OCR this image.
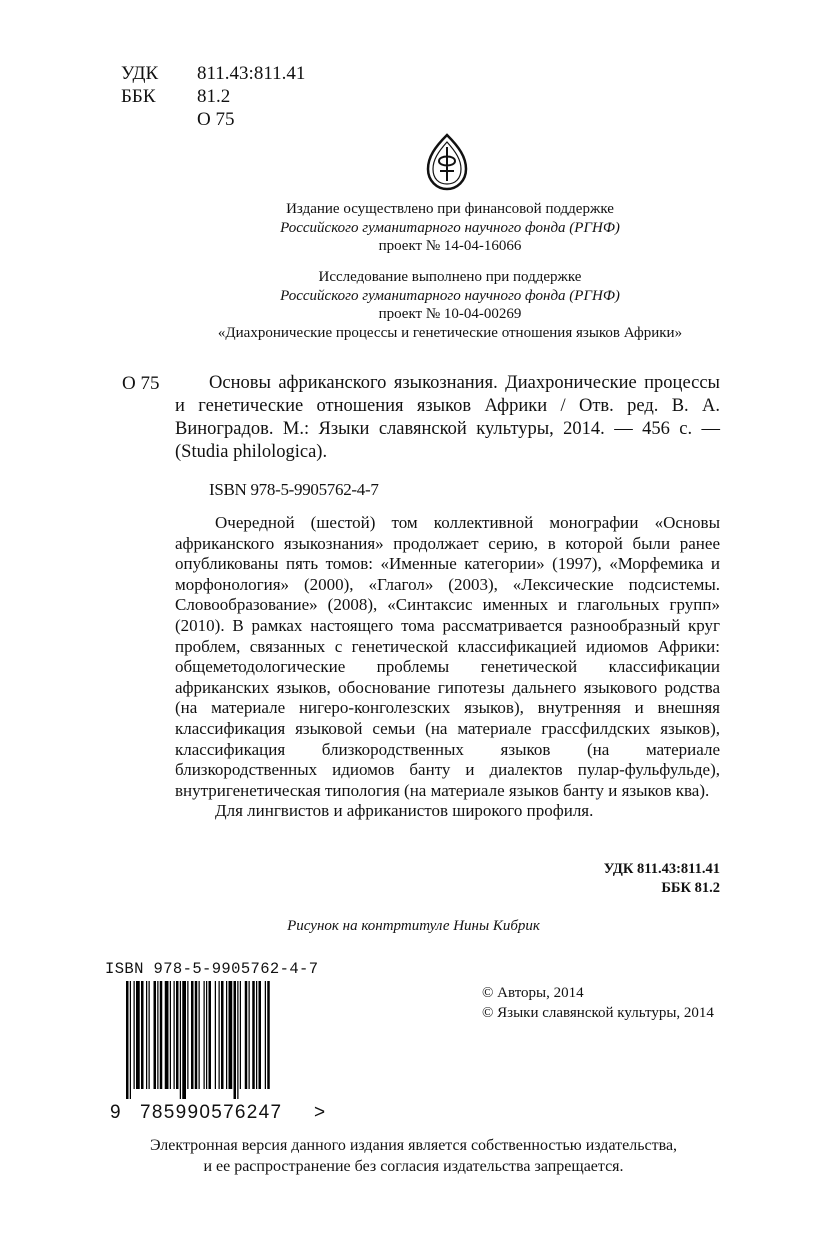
УДК	811.43:811.41
ББК	81.2
О 75
Издание осуществлено при финансовой поддержке
Российского гуманитарного научного фонда (РГНФ)
проект № 14-04-16066
Исследование выполнено при поддержке
Российского гуманитарного научного фонда (РГНФ)
проект № 10-04-00269
«Диахронические процессы и генетические отношения языков Африки»
О 75	Основы африканского языкознания. Диахронические процессы и генетические отношения языков Африки / Отв. ред. В. А. Виноградов. М.: Языки славянской культуры, 2014. — 456 с. — (Studia philologica).
ISBN 978-5-9905762-4-7

Очередной (шестой) том коллективной монографии «Основы африканского языкознания» продолжает серию, в которой были ранее опубликованы пять томов: «Именные категории» (1997), «Морфемика и морфонология» (2000), «Глагол» (2003), «Лексические подсистемы. Словообразование» (2008), «Синтаксис именных и глагольных групп» (2010). В рамках настоящего тома рассматривается разнообразный круг проблем, связанных с генетической классификацией идиомов Африки: общеметодологические проблемы генетической классификации африканских языков, обоснование гипотезы дальнего языкового родства (на материале нигеро-конголезских языков), внутренняя и внешняя классификация языковой семьи (на материале грассфилдских языков), классификация близкородственных языков (на материале близкородственных идиомов банту и диалектов пулар-фульфульде), внутригенетическая типология (на материале языков банту и языков ква).

Для лингвистов и африканистов широкого профиля.

УДК 811.43:811.41
ББК 81.2
Рисунок на контртитуле Нины Кибрик
ISBN 978-5-9905762-4-7
9 785990576247 >
© Авторы, 2014
© Языки славянской культуры, 2014
Электронная версия данного издания является собственностью издательства,
и ее распространение без согласия издательства запрещается.
